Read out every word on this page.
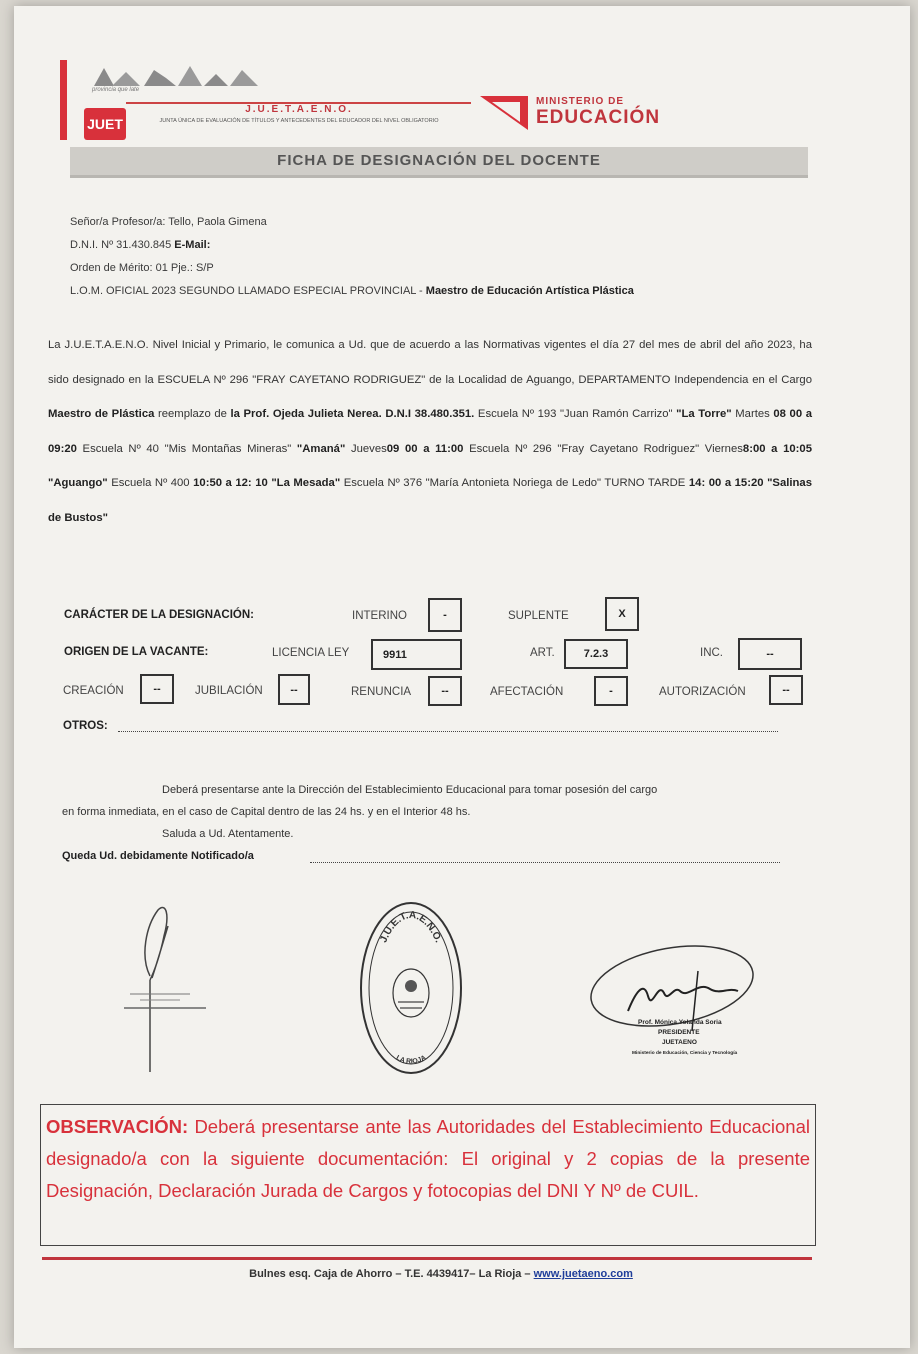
provincia que late
JUET
J.U.E.T.A.E.N.O.
JUNTA ÚNICA DE EVALUACIÓN DE TÍTULOS Y ANTECEDENTES DEL EDUCADOR DEL NIVEL OBLIGATORIO
MINISTERIO DE
EDUCACIÓN
FICHA DE DESIGNACIÓN DEL DOCENTE
Señor/a Profesor/a: Tello, Paola Gimena
D.N.I. Nº 31.430.845 E-Mail:
Orden de Mérito: 01 Pje.: S/P
L.O.M. OFICIAL 2023 SEGUNDO LLAMADO ESPECIAL PROVINCIAL - Maestro de Educación Artística Plástica
La J.U.E.T.A.E.N.O. Nivel Inicial y Primario, le comunica a Ud. que de acuerdo a las Normativas vigentes el día 27 del mes de abril del año 2023, ha sido designado en la ESCUELA Nº 296 "FRAY CAYETANO RODRIGUEZ" de la Localidad de Aguango, DEPARTAMENTO Independencia en el Cargo Maestro de Plástica reemplazo de la Prof. Ojeda Julieta Nerea. D.N.I 38.480.351. Escuela Nº 193 "Juan Ramón Carrizo" "La Torre" Martes 08 00 a 09:20 Escuela Nº 40 "Mis Montañas Mineras" "Amaná" Jueves09 00 a 11:00 Escuela Nº 296 "Fray Cayetano Rodriguez" Viernes8:00 a 10:05 "Aguango" Escuela Nº 400 10:50 a 12: 10 "La Mesada" Escuela Nº 376 "María Antonieta Noriega de Ledo" TURNO TARDE 14: 00 a 15:20 "Salinas de Bustos"
CARÁCTER DE LA DESIGNACIÓN:	INTERINO	-	SUPLENTE	X
ORIGEN DE LA VACANTE:	LICENCIA LEY	9911	ART.	7.2.3	INC.	--
CREACIÓN	--	JUBILACIÓN	--	RENUNCIA	--	AFECTACIÓN	-	AUTORIZACIÓN	--
OTROS:
Deberá presentarse ante la Dirección del Establecimiento Educacional para tomar posesión del cargo
en forma inmediata, en el caso de Capital dentro de las 24 hs. y en el Interior 48 hs.
Saluda a Ud. Atentamente.
Queda Ud. debidamente Notificado/a
J.U.E.T.A.E.N.O.
LA RIOJA
Prof. Mónica Yolanda Soria
PRESIDENTE
JUETAENO
Ministerio de Educación, Ciencia y Tecnología
OBSERVACIÓN: Deberá presentarse ante las Autoridades del Establecimiento Educacional designado/a con la siguiente documentación: El original y 2 copias de la presente Designación, Declaración Jurada de Cargos y fotocopias del DNI Y Nº de CUIL.
Bulnes esq. Caja de Ahorro – T.E. 4439417– La Rioja – www.juetaeno.com
